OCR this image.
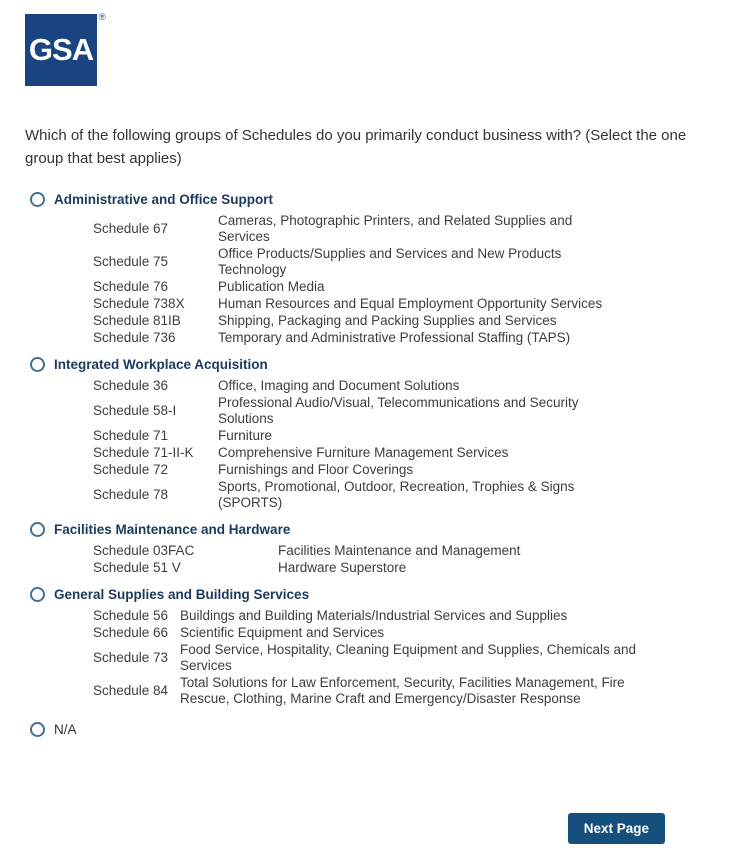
GSA
®
Which of the following groups of Schedules do you primarily conduct business with? (Select the one group that best applies)
Administrative and Office Support
Schedule 67	Cameras, Photographic Printers, and Related Supplies and Services
Schedule 75	Office Products/Supplies and Services and New Products Technology
Schedule 76	Publication Media
Schedule 738X	Human Resources and Equal Employment Opportunity Services
Schedule 81IB	Shipping, Packaging and Packing Supplies and Services
Schedule 736	Temporary and Administrative Professional Staffing (TAPS)
Integrated Workplace Acquisition
Schedule 36	Office, Imaging and Document Solutions
Schedule 58-I	Professional Audio/Visual, Telecommunications and Security Solutions
Schedule 71	Furniture
Schedule 71-II-K	Comprehensive Furniture Management Services
Schedule 72	Furnishings and Floor Coverings
Schedule 78	Sports, Promotional, Outdoor, Recreation, Trophies & Signs (SPORTS)
Facilities Maintenance and Hardware
Schedule 03FAC	Facilities Maintenance and Management
Schedule 51 V	Hardware Superstore
General Supplies and Building Services
Schedule 56	Buildings and Building Materials/Industrial Services and Supplies
Schedule 66	Scientific Equipment and Services
Schedule 73	Food Service, Hospitality, Cleaning Equipment and Supplies, Chemicals and Services
Schedule 84	Total Solutions for Law Enforcement, Security, Facilities Management, Fire Rescue, Clothing, Marine Craft and Emergency/Disaster Response
N/A
Next Page
